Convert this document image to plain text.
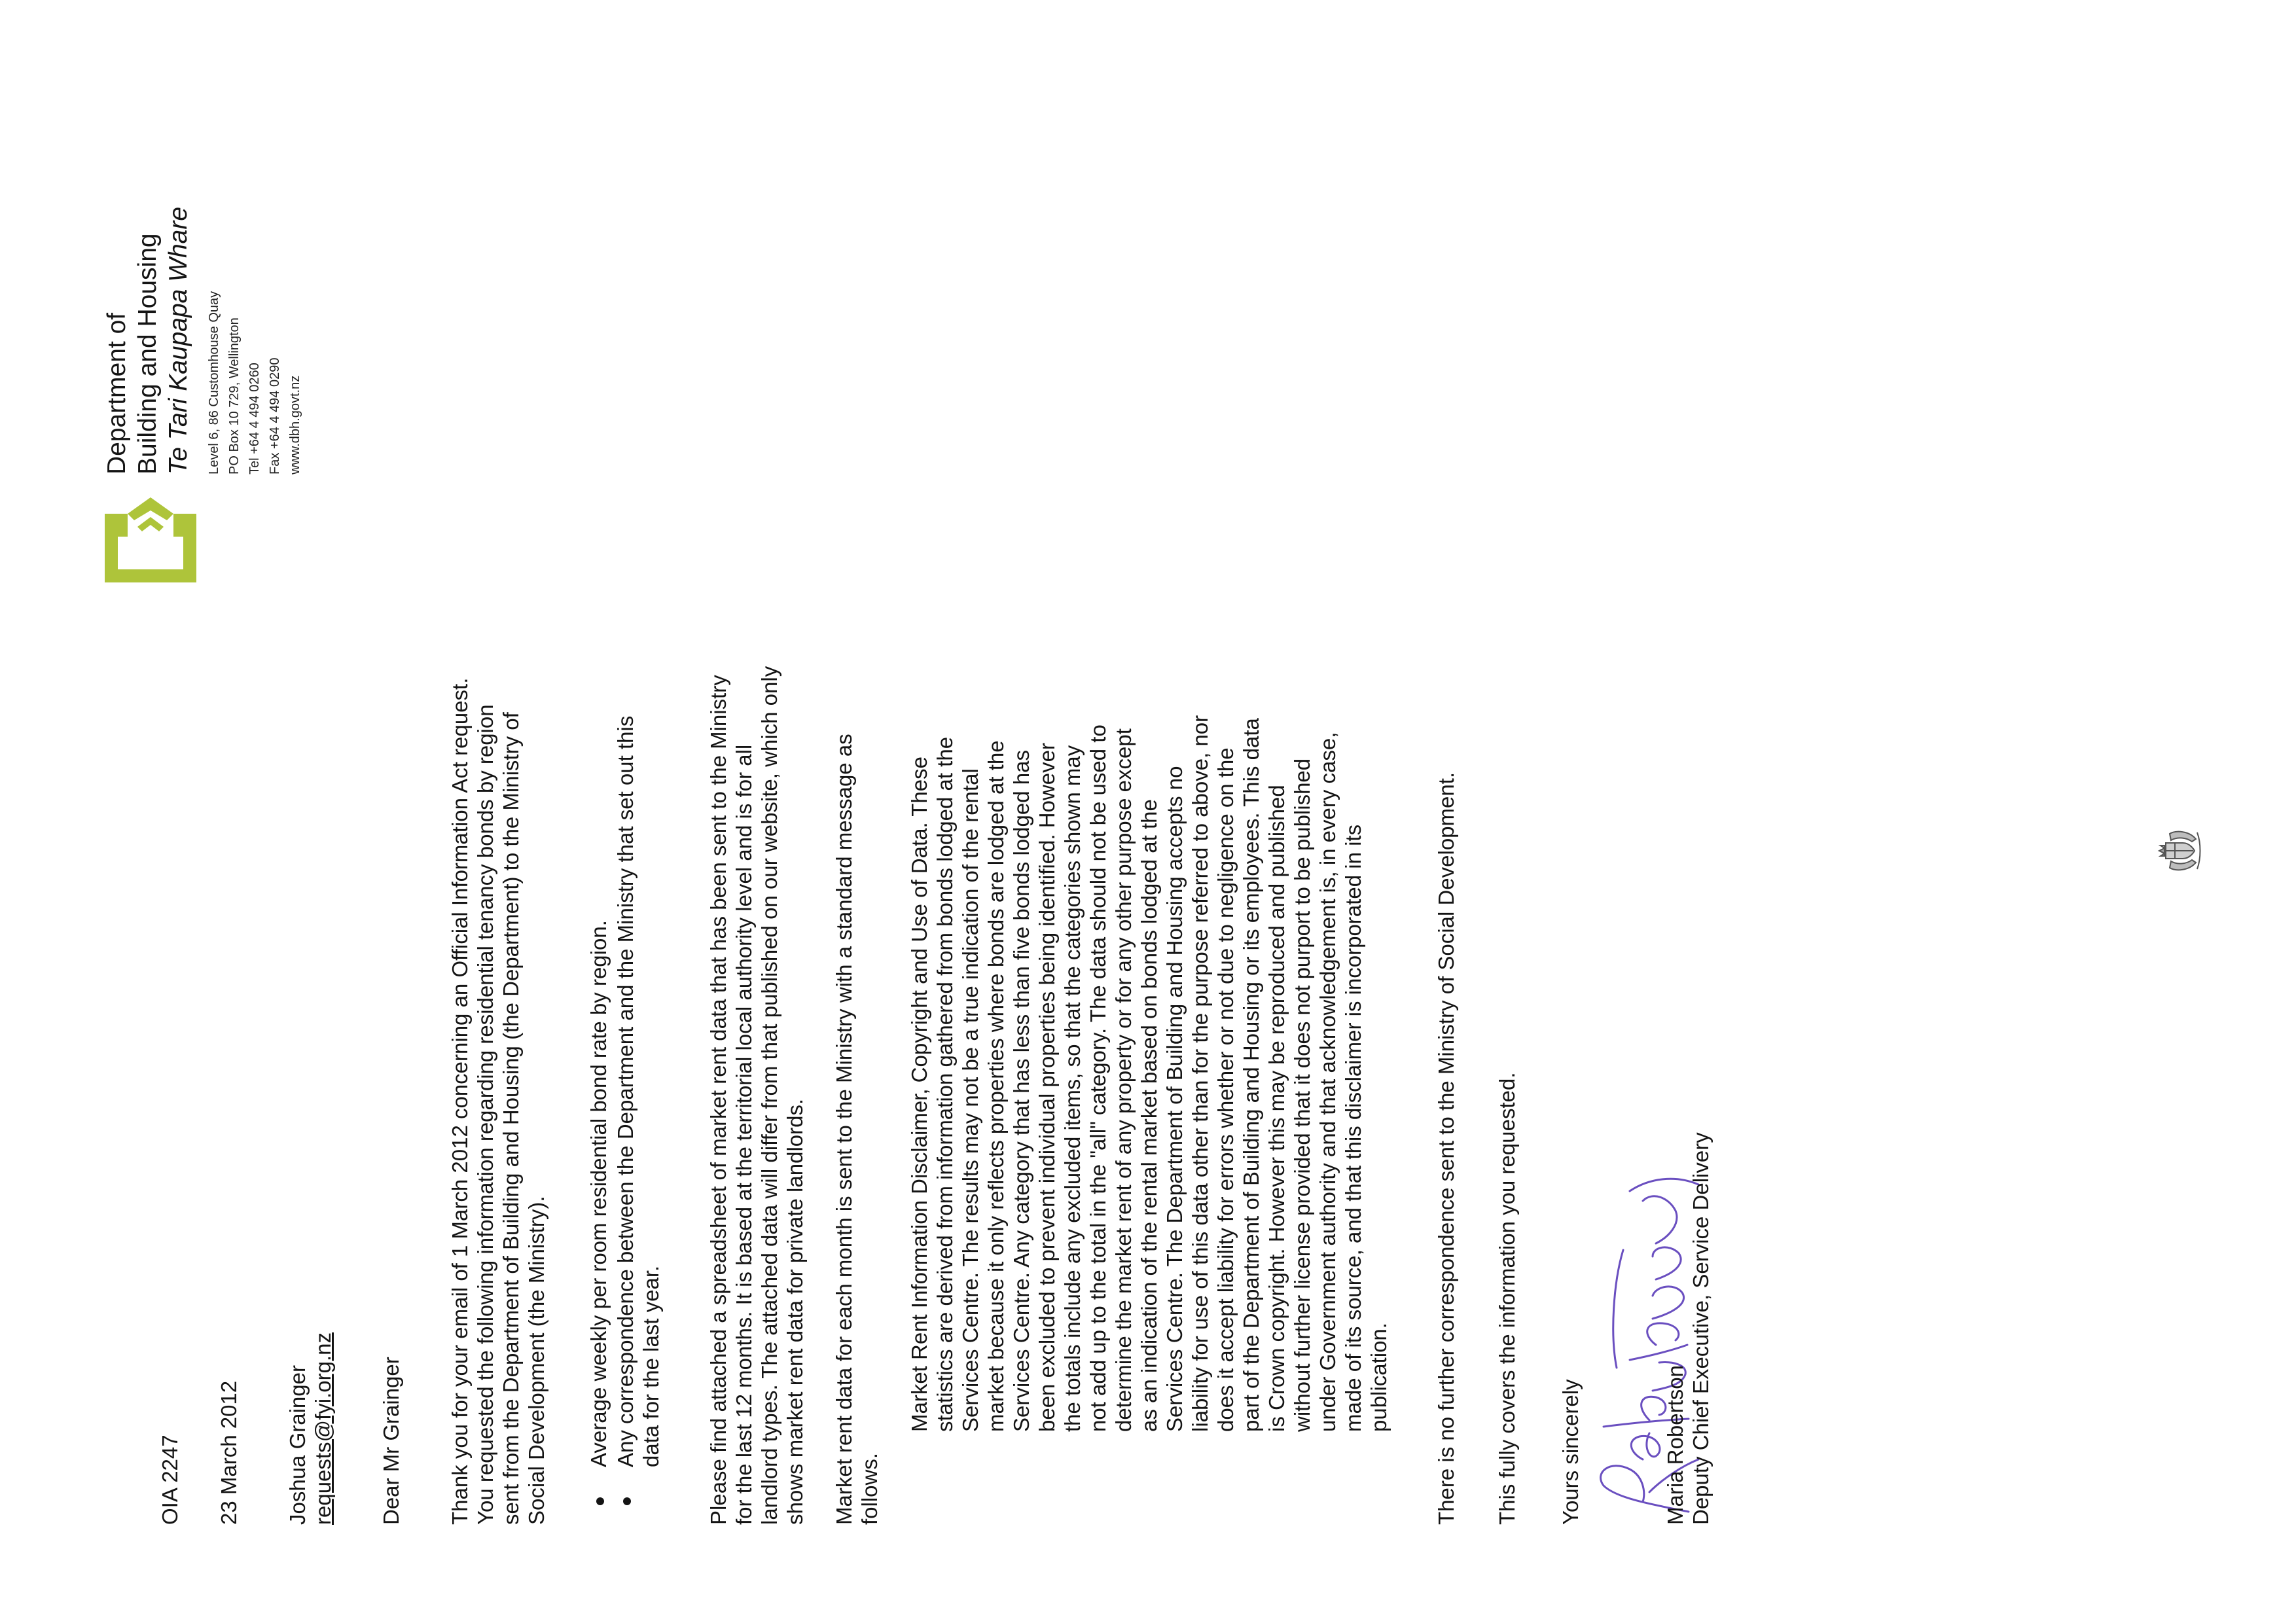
Department of Building and Housing Te Tari Kaupapa Whare Level 6, 86 Customhouse Quay PO Box 10 729, Wellington Tel +64 4 494 0260 Fax +64 4 494 0290 www.dbh.govt.nz
OIA 2247 23 March 2012 Joshua Grainger requests@fyi.org.nz Dear Mr Grainger Thank you for your email of 1 March 2012 concerning an Official Information Act request. You requested the following information regarding residential tenancy bonds by region sent from the Department of Building and Housing (the Department) to the Ministry of Social Development (the Ministry). Average weekly per room residential bond rate by region. Any correspondence between the Department and the Ministry that set out this data for the last year. Please find attached a spreadsheet of market rent data that has been sent to the Ministry for the last 12 months. It is based at the territorial local authority level and is for all landlord types. The attached data will differ from that published on our website, which only shows market rent data for private landlords. Market rent data for each month is sent to the Ministry with a standard message as follows.
Market Rent Information Disclaimer, Copyright and Use of Data. These statistics are derived from information gathered from bonds lodged at the Services Centre. The results may not be a true indication of the rental market because it only reflects properties where bonds are lodged at the Services Centre. Any category that has less than five bonds lodged has been excluded to prevent individual properties being identified. However the totals include any excluded items, so that the categories shown may not add up to the total in the "all" category. The data should not be used to determine the market rent of any property or for any other purpose except as an indication of the rental market based on bonds lodged at the Services Centre. The Department of Building and Housing accepts no liability for use of this data other than for the purpose referred to above, nor does it accept liability for errors whether or not due to negligence on the part of the Department of Building and Housing or its employees. This data is Crown copyright. However this may be reproduced and published without further license provided that it does not purport to be published under Government authority and that acknowledgement is, in every case, made of its source, and that this disclaimer is incorporated in its publication. There is no further correspondence sent to the Ministry of Social Development. This fully covers the information you requested. Yours sincerely	Maria Robertson Deputy Chief Executive, Service Delivery
